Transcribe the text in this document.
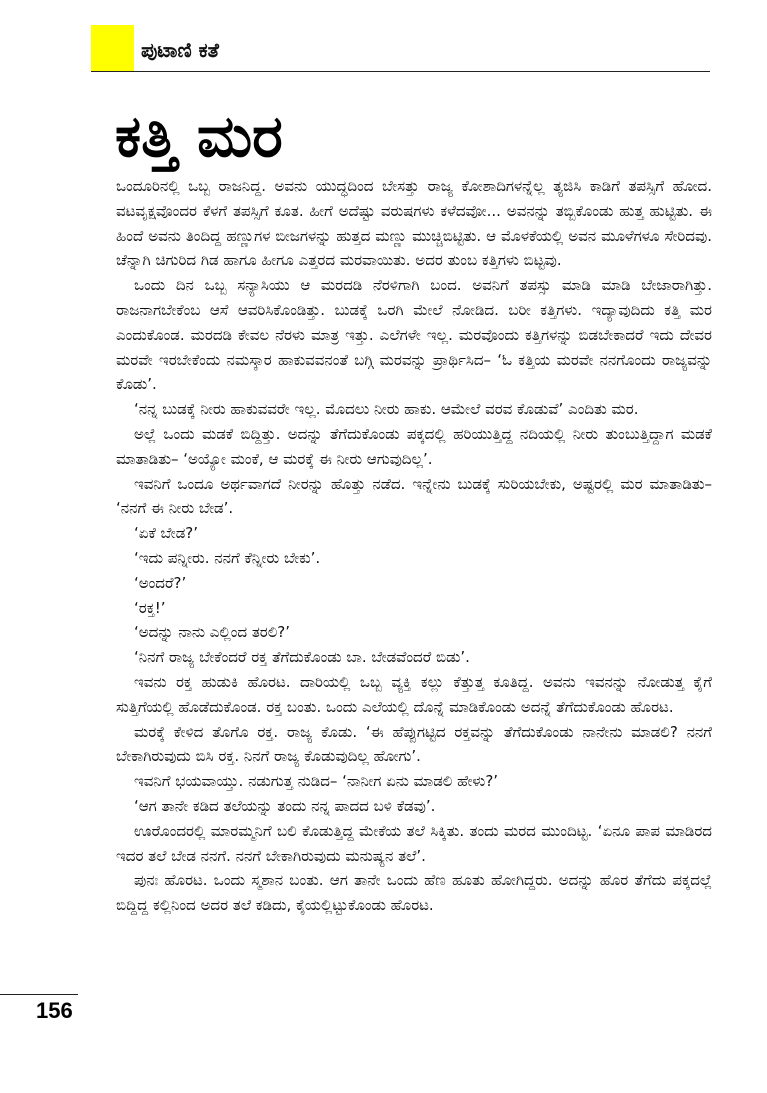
ಪುಟಾಣಿ ಕತೆ
ಕತ್ತಿ ಮರ

ಒಂದೂರಿನಲ್ಲಿ ಒಬ್ಬ ರಾಜನಿದ್ದ. ಅವನು ಯುದ್ಧದಿಂದ ಬೇಸತ್ತು ರಾಜ್ಯ ಕೋಶಾದಿಗಳನ್ನೆಲ್ಲ ತ್ಯಜಿಸಿ ಕಾಡಿಗೆ ತಪಸ್ಸಿಗೆ ಹೋದ. ವಟವೃಕ್ಷವೊಂದರ ಕೆಳಗೆ ತಪಸ್ಸಿಗೆ ಕೂತ. ಹೀಗೆ ಅದೆಷ್ಟು ವರುಷಗಳು ಕಳೆದವೋ... ಅವನನ್ನು ತಬ್ಬಿಕೊಂಡು ಹುತ್ತ ಹುಟ್ಟಿತು. ಈ ಹಿಂದೆ ಅವನು ತಿಂದಿದ್ದ ಹಣ್ಣುಗಳ ಬೀಜಗಳನ್ನು ಹುತ್ತದ ಮಣ್ಣು ಮುಚ್ಚಿಬಿಟ್ಟಿತು. ಆ ಮೊಳಕೆಯಲ್ಲಿ ಅವನ ಮೂಳೆಗಳೂ ಸೇರಿದವು. ಚೆನ್ನಾಗಿ ಚಿಗುರಿದ ಗಿಡ ಹಾಗೂ ಹೀಗೂ ಎತ್ತರದ ಮರವಾಯಿತು. ಅದರ ತುಂಬ ಕತ್ತಿಗಳು ಬಿಟ್ಟವು.

ಒಂದು ದಿನ ಒಬ್ಬ ಸನ್ಯಾಸಿಯು ಆ ಮರದಡಿ ನೆರಳಿಗಾಗಿ ಬಂದ. ಅವನಿಗೆ ತಪಸ್ಸು ಮಾಡಿ ಮಾಡಿ ಬೇಜಾರಾಗಿತ್ತು. ರಾಜನಾಗಬೇಕೆಂಬ ಆಸೆ ಆವರಿಸಿಕೊಂಡಿತ್ತು. ಬುಡಕ್ಕೆ ಒರಗಿ ಮೇಲೆ ನೋಡಿದ. ಬರೀ ಕತ್ತಿಗಳು. ಇದ್ಯಾವುದಿದು ಕತ್ತಿ ಮರ ಎಂದುಕೊಂಡ. ಮರದಡಿ ಕೇವಲ ನೆರಳು ಮಾತ್ರ ಇತ್ತು. ಎಲೆಗಳೇ ಇಲ್ಲ. ಮರವೊಂದು ಕತ್ತಿಗಳನ್ನು ಬಿಡಬೇಕಾದರೆ ಇದು ದೇವರ ಮರವೇ ಇರಬೇಕೆಂದು ನಮಸ್ಕಾರ ಹಾಕುವವನಂತೆ ಬಗ್ಗಿ ಮರವನ್ನು ಪ್ರಾರ್ಥಿಸಿದ– ‘ಓ ಕತ್ತಿಯ ಮರವೇ ನನಗೊಂದು ರಾಜ್ಯವನ್ನು ಕೊಡು’.

‘ನನ್ನ ಬುಡಕ್ಕೆ ನೀರು ಹಾಕುವವರೇ ಇಲ್ಲ. ಮೊದಲು ನೀರು ಹಾಕು. ಆಮೇಲೆ ವರವ ಕೊಡುವೆ’ ಎಂದಿತು ಮರ.

ಅಲ್ಲೆ ಒಂದು ಮಡಕೆ ಬಿದ್ದಿತ್ತು. ಅದನ್ನು ತೆಗೆದುಕೊಂಡು ಪಕ್ಕದಲ್ಲಿ ಹರಿಯುತ್ತಿದ್ದ ನದಿಯಲ್ಲಿ ನೀರು ತುಂಬುತ್ತಿದ್ದಾಗ ಮಡಕೆ ಮಾತಾಡಿತು– ‘ಅಯ್ಯೋ ಮಂಕೆ, ಆ ಮರಕ್ಕೆ ಈ ನೀರು ಆಗುವುದಿಲ್ಲ’.

ಇವನಿಗೆ ಒಂದೂ ಅರ್ಥವಾಗದೆ ನೀರನ್ನು ಹೊತ್ತು ನಡೆದ. ಇನ್ನೇನು ಬುಡಕ್ಕೆ ಸುರಿಯಬೇಕು, ಅಷ್ಟರಲ್ಲಿ ಮರ ಮಾತಾಡಿತು– ‘ನನಗೆ ಈ ನೀರು ಬೇಡ’.

‘ಏಕೆ ಬೇಡ?’

‘ಇದು ಪನ್ನೀರು. ನನಗೆ ಕೆನ್ನೀರು ಬೇಕು’.

‘ಅಂದರೆ?’

‘ರಕ್ತ!’

‘ಅದನ್ನು ನಾನು ಎಲ್ಲಿಂದ ತರಲಿ?’

‘ನಿನಗೆ ರಾಜ್ಯ ಬೇಕೆಂದರೆ ರಕ್ತ ತೆಗೆದುಕೊಂಡು ಬಾ. ಬೇಡವೆಂದರೆ ಬಿಡು’.

ಇವನು ರಕ್ತ ಹುಡುಕಿ ಹೊರಟ. ದಾರಿಯಲ್ಲಿ ಒಬ್ಬ ವ್ಯಕ್ತಿ ಕಲ್ಲು ಕೆತ್ತುತ್ತ ಕೂತಿದ್ದ. ಅವನು ಇವನನ್ನು ನೋಡುತ್ತ ಕೈಗೆ ಸುತ್ತಿಗೆಯಲ್ಲಿ ಹೊಡೆದುಕೊಂಡ. ರಕ್ತ ಬಂತು. ಒಂದು ಎಲೆಯಲ್ಲಿ ದೊನ್ನೆ ಮಾಡಿಕೊಂಡು ಅದನ್ನೆ ತೆಗೆದುಕೊಂಡು ಹೊರಟ.

ಮರಕ್ಕೆ ಕೇಳಿದ ತೊಗೊ ರಕ್ತ. ರಾಜ್ಯ ಕೊಡು. ‘ಈ ಹೆಪ್ಪುಗಟ್ಟಿದ ರಕ್ತವನ್ನು ತೆಗೆದುಕೊಂಡು ನಾನೇನು ಮಾಡಲಿ? ನನಗೆ ಬೇಕಾಗಿರುವುದು ಬಿಸಿ ರಕ್ತ. ನಿನಗೆ ರಾಜ್ಯ ಕೊಡುವುದಿಲ್ಲ ಹೋಗು’.

ಇವನಿಗೆ ಭಯವಾಯ್ತು. ನಡುಗುತ್ತ ನುಡಿದ– ‘ನಾನೀಗ ಏನು ಮಾಡಲಿ ಹೇಳು?’

‘ಆಗ ತಾನೇ ಕಡಿದ ತಲೆಯನ್ನು ತಂದು ನನ್ನ ಪಾದದ ಬಳಿ ಕೆಡವು’.

ಊರೊಂದರಲ್ಲಿ ಮಾರಮ್ಮನಿಗೆ ಬಲಿ ಕೊಡುತ್ತಿದ್ದ ಮೇಕೆಯ ತಲೆ ಸಿಕ್ಕಿತು. ತಂದು ಮರದ ಮುಂದಿಟ್ಟ. ‘ಏನೂ ಪಾಪ ಮಾಡಿರದ ಇದರ ತಲೆ ಬೇಡ ನನಗೆ. ನನಗೆ ಬೇಕಾಗಿರುವುದು ಮನುಷ್ಯನ ತಲೆ’.

ಪುನಃ ಹೊರಟ. ಒಂದು ಸ್ಮಶಾನ ಬಂತು. ಆಗ ತಾನೇ ಒಂದು ಹೆಣ ಹೂತು ಹೋಗಿದ್ದರು. ಅದನ್ನು ಹೊರ ತೆಗೆದು ಪಕ್ಕದಲ್ಲೆ ಬಿದ್ದಿದ್ದ ಕಲ್ಲಿನಿಂದ ಅದರ ತಲೆ ಕಡಿದು, ಕೈಯಲ್ಲಿಟ್ಟುಕೊಂಡು ಹೊರಟ.

156
